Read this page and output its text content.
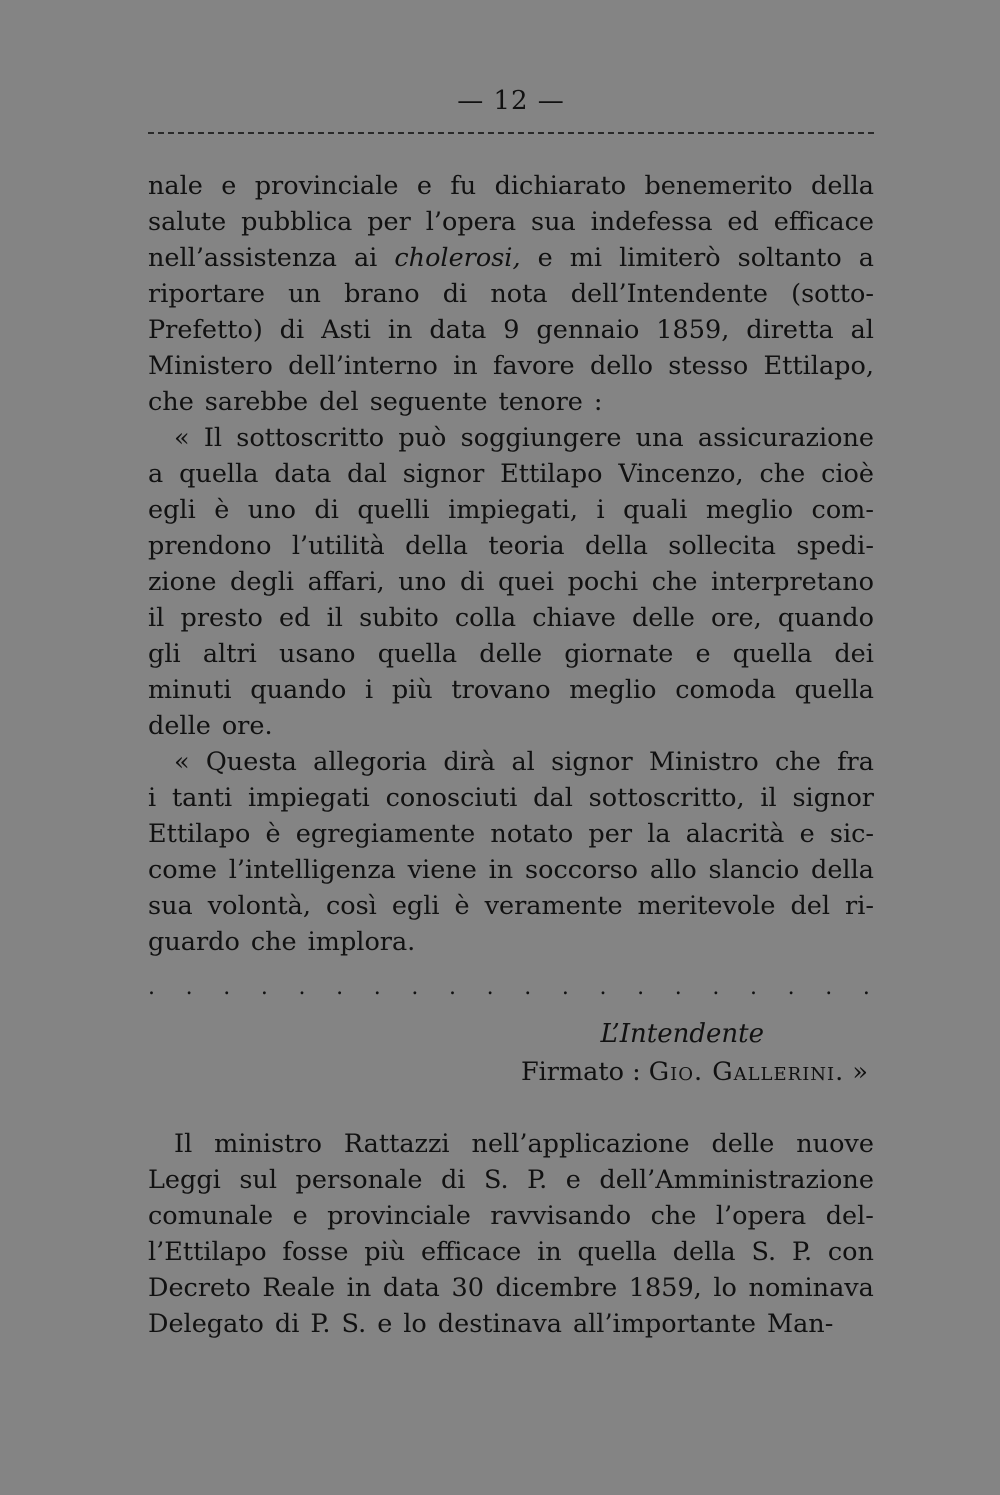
— 12 —
nale e provinciale e fu dichiarato benemerito della
salute pubblica per l’opera sua indefessa ed efficace
nell’assistenza ai cholerosi, e mi limiterò soltanto a
riportare un brano di nota dell’Intendente (sotto-
Prefetto) di Asti in data 9 gennaio 1859, diretta al
Ministero dell’interno in favore dello stesso Ettilapo,
che sarebbe del seguente tenore :
« Il sottoscritto può soggiungere una assicurazione
a quella data dal signor Ettilapo Vincenzo, che cioè
egli è uno di quelli impiegati, i quali meglio com-
prendono l’utilità della teoria della sollecita spedi-
zione degli affari, uno di quei pochi che interpretano
il presto ed il subito colla chiave delle ore, quando
gli altri usano quella delle giornate e quella dei
minuti quando i più trovano meglio comoda quella
delle ore.
« Questa allegoria dirà al signor Ministro che fra
i tanti impiegati conosciuti dal sottoscritto, il signor
Ettilapo è egregiamente notato per la alacrità e sic-
come l’intelligenza viene in soccorso allo slancio della
sua volontà, così egli è veramente meritevole del ri-
guardo che implora.
. . . . . . . . . . . . . . . . . . . .
L’Intendente
Firmato : Gio. Gallerini. »
Il ministro Rattazzi nell’applicazione delle nuove
Leggi sul personale di S. P. e dell’Amministrazione
comunale e provinciale ravvisando che l’opera del-
l’Ettilapo fosse più efficace in quella della S. P. con
Decreto Reale in data 30 dicembre 1859, lo nominava
Delegato di P. S. e lo destinava all’importante Man-
